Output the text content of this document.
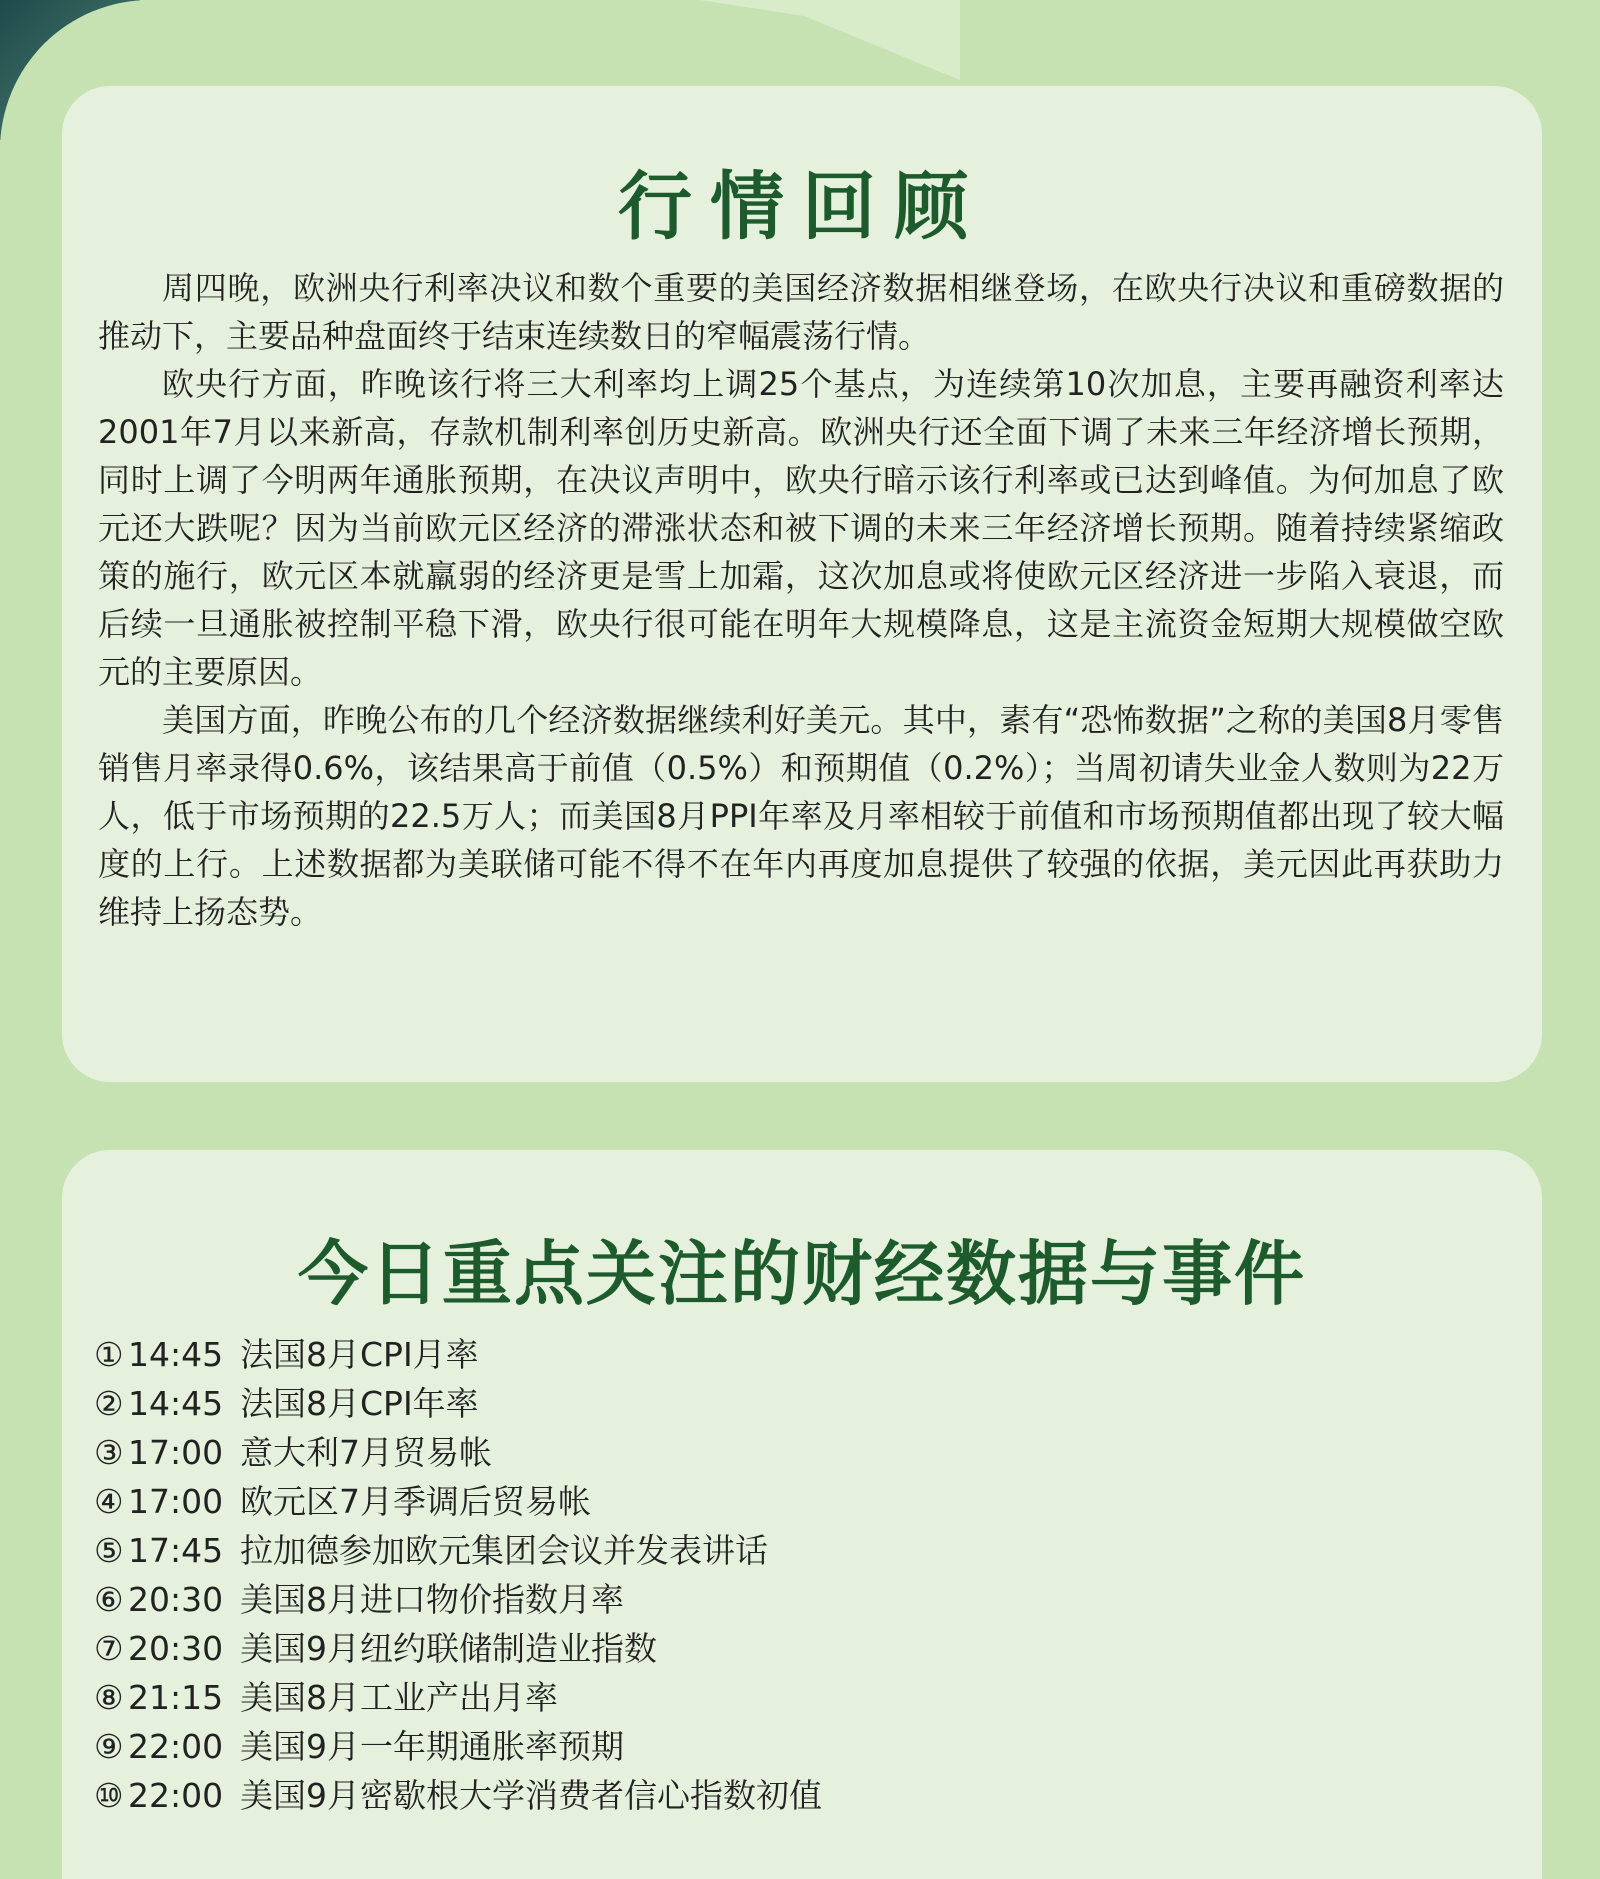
行情回顾

周四晚，欧洲央行利率决议和数个重要的美国经济数据相继登场，在欧央行决议和重磅数据的推动下，主要品种盘面终于结束连续数日的窄幅震荡行情。

欧央行方面，昨晚该行将三大利率均上调25个基点，为连续第10次加息，主要再融资利率达2001年7月以来新高，存款机制利率创历史新高。欧洲央行还全面下调了未来三年经济增长预期，同时上调了今明两年通胀预期，在决议声明中，欧央行暗示该行利率或已达到峰值。为何加息了欧元还大跌呢？因为当前欧元区经济的滞涨状态和被下调的未来三年经济增长预期。随着持续紧缩政策的施行，欧元区本就羸弱的经济更是雪上加霜，这次加息或将使欧元区经济进一步陷入衰退，而后续一旦通胀被控制平稳下滑，欧央行很可能在明年大规模降息，这是主流资金短期大规模做空欧元的主要原因。

美国方面，昨晚公布的几个经济数据继续利好美元。其中，素有“恐怖数据”之称的美国8月零售销售月率录得0.6%，该结果高于前值（0.5%）和预期值（0.2%）；当周初请失业金人数则为22万人，低于市场预期的22.5万人；而美国8月PPI年率及月率相较于前值和市场预期值都出现了较大幅度的上行。上述数据都为美联储可能不得不在年内再度加息提供了较强的依据，美元因此再获助力维持上扬态势。

今日重点关注的财经数据与事件
① 14:45 法国8月CPI月率
② 14:45 法国8月CPI年率
③ 17:00 意大利7月贸易帐
④ 17:00 欧元区7月季调后贸易帐
⑤ 17:45 拉加德参加欧元集团会议并发表讲话
⑥ 20:30 美国8月进口物价指数月率
⑦ 20:30 美国9月纽约联储制造业指数
⑧ 21:15 美国8月工业产出月率
⑨ 22:00 美国9月一年期通胀率预期
⑩ 22:00 美国9月密歇根大学消费者信心指数初值
